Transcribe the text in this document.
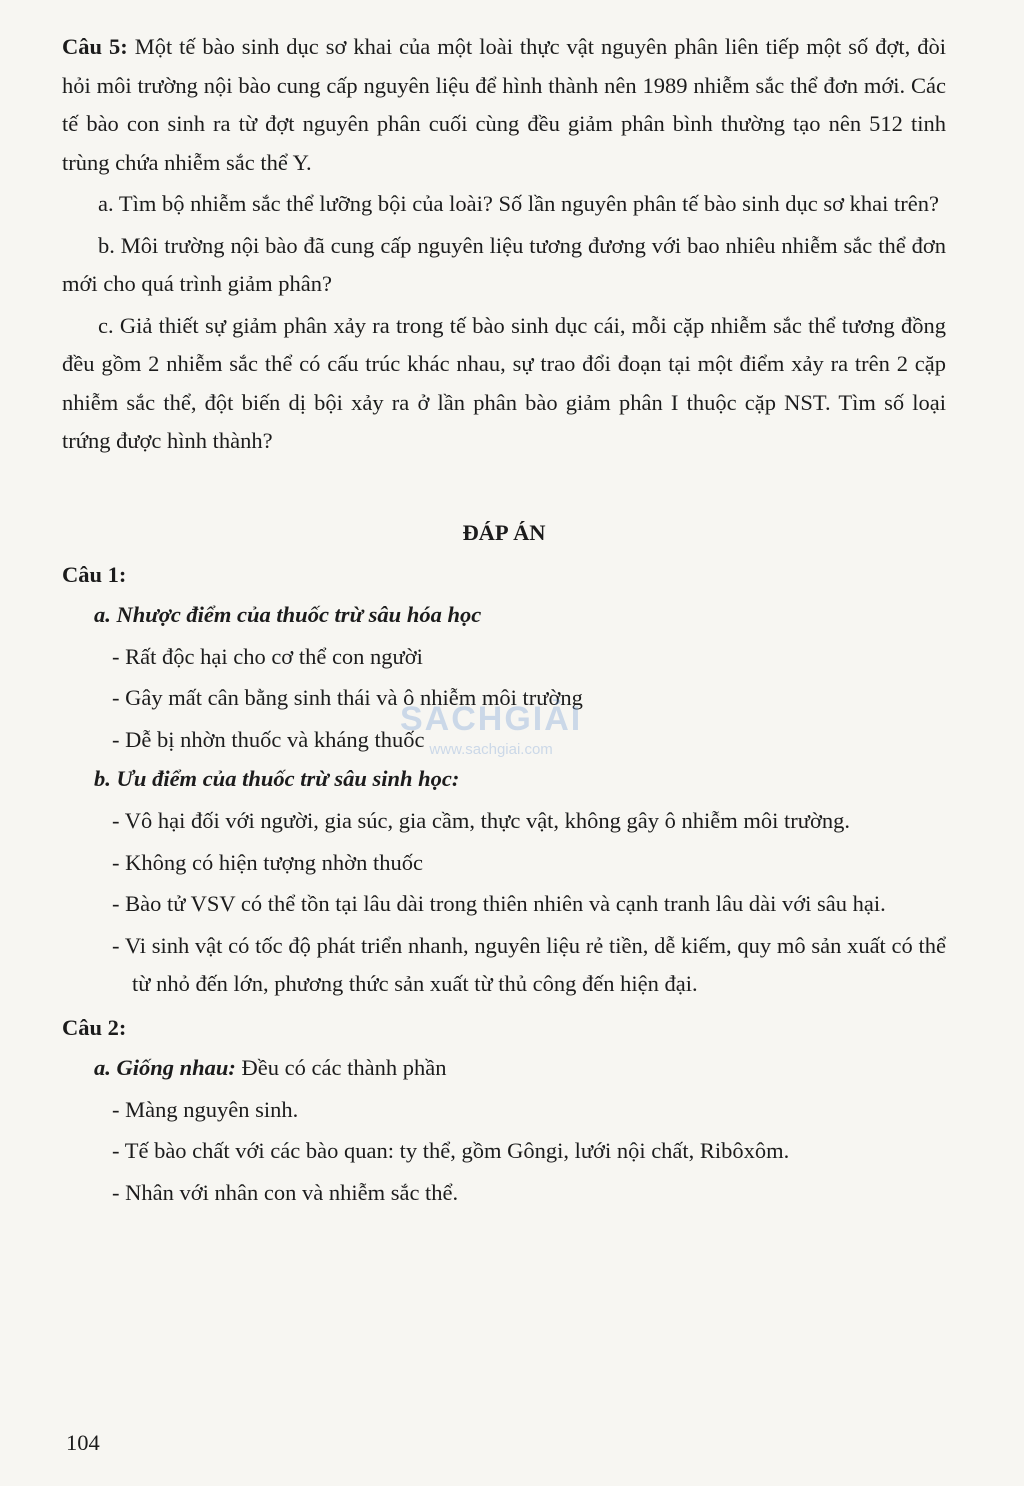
Câu 5: Một tế bào sinh dục sơ khai của một loài thực vật nguyên phân liên tiếp một số đợt, đòi hỏi môi trường nội bào cung cấp nguyên liệu để hình thành nên 1989 nhiễm sắc thể đơn mới. Các tế bào con sinh ra từ đợt nguyên phân cuối cùng đều giảm phân bình thường tạo nên 512 tinh trùng chứa nhiễm sắc thể Y.

a. Tìm bộ nhiễm sắc thể lưỡng bội của loài? Số lần nguyên phân tế bào sinh dục sơ khai trên?

b. Môi trường nội bào đã cung cấp nguyên liệu tương đương với bao nhiêu nhiễm sắc thể đơn mới cho quá trình giảm phân?

c. Giả thiết sự giảm phân xảy ra trong tế bào sinh dục cái, mỗi cặp nhiễm sắc thể tương đồng đều gồm 2 nhiễm sắc thể có cấu trúc khác nhau, sự trao đổi đoạn tại một điểm xảy ra trên 2 cặp nhiễm sắc thể, đột biến dị bội xảy ra ở lần phân bào giảm phân I thuộc cặp NST. Tìm số loại trứng được hình thành?

ĐÁP ÁN
Câu 1:
a. Nhược điểm của thuốc trừ sâu hóa học

- Rất độc hại cho cơ thể con người

- Gây mất cân bằng sinh thái và ô nhiễm môi trường

- Dễ bị nhờn thuốc và kháng thuốc

b. Ưu điểm của thuốc trừ sâu sinh học:

- Vô hại đối với người, gia súc, gia cầm, thực vật, không gây ô nhiễm môi trường.

- Không có hiện tượng nhờn thuốc

- Bào tử VSV có thể tồn tại lâu dài trong thiên nhiên và cạnh tranh lâu dài với sâu hại.

- Vi sinh vật có tốc độ phát triển nhanh, nguyên liệu rẻ tiền, dễ kiếm, quy mô sản xuất có thể từ nhỏ đến lớn, phương thức sản xuất từ thủ công đến hiện đại.

Câu 2:
a. Giống nhau: Đều có các thành phần

- Màng nguyên sinh.

- Tế bào chất với các bào quan: ty thể, gồm Gôngi, lưới nội chất, Ribôxôm.

- Nhân với nhân con và nhiễm sắc thể.

SACHGIẢI
www.sachgiai.com
104
